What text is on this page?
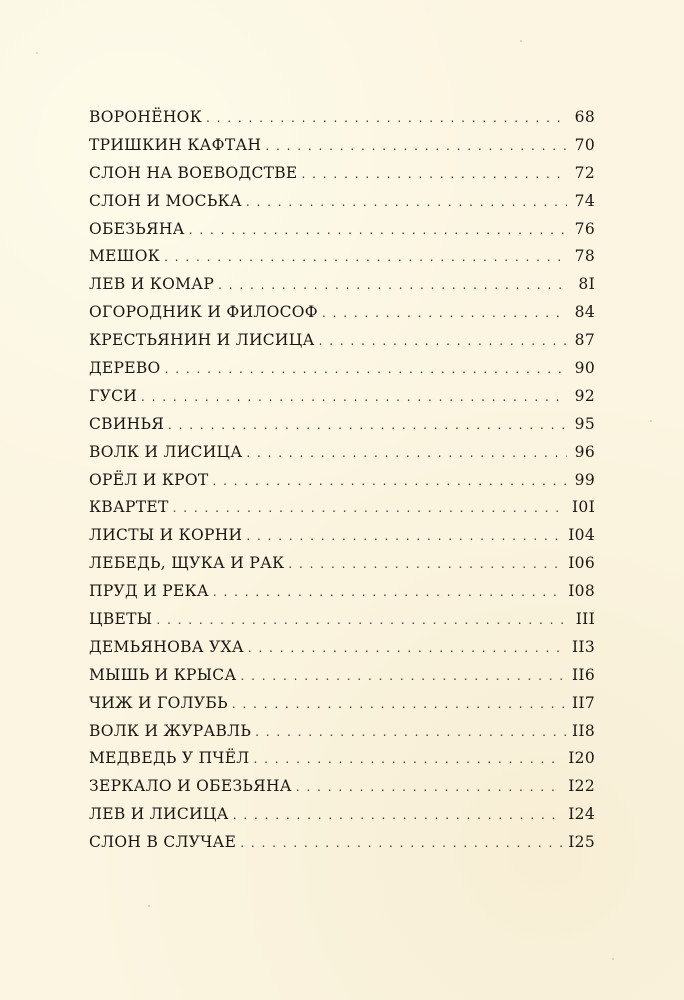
ВОРОНЁНОК . . .	68
ТРИШКИН КАФТАН . . .	70
СЛОН НА ВОЕВОДСТВЕ . . .	72
СЛОН И МОСЬКА . . .	74
ОБЕЗЬЯНА . . .	76
МЕШОК . . .	78
ЛЕВ И КОМАР . . .	8I
ОГОРОДНИК И ФИЛОСОФ . . .	84
КРЕСТЬЯНИН И ЛИСИЦА . . .	87
ДЕРЕВО . . .	90
ГУСИ . . .	92
СВИНЬЯ . . .	95
ВОЛК И ЛИСИЦА . . .	96
ОРЁЛ И КРОТ . . .	99
КВАРТЕТ . . .	I0I
ЛИСТЫ И КОРНИ . . .	I04
ЛЕБЕДЬ, ЩУКА И РАК . . .	I06
ПРУД И РЕКА . . .	I08
ЦВЕТЫ . . .	III
ДЕМЬЯНОВА УХА . . .	II3
МЫШЬ И КРЫСА . . .	II6
ЧИЖ И ГОЛУБЬ . . .	II7
ВОЛК И ЖУРАВЛЬ . . .	II8
МЕДВЕДЬ У ПЧЁЛ . . .	I20
ЗЕРКАЛО И ОБЕЗЬЯНА . . .	I22
ЛЕВ И ЛИСИЦА . . .	I24
СЛОН В СЛУЧАЕ . . .	I25
